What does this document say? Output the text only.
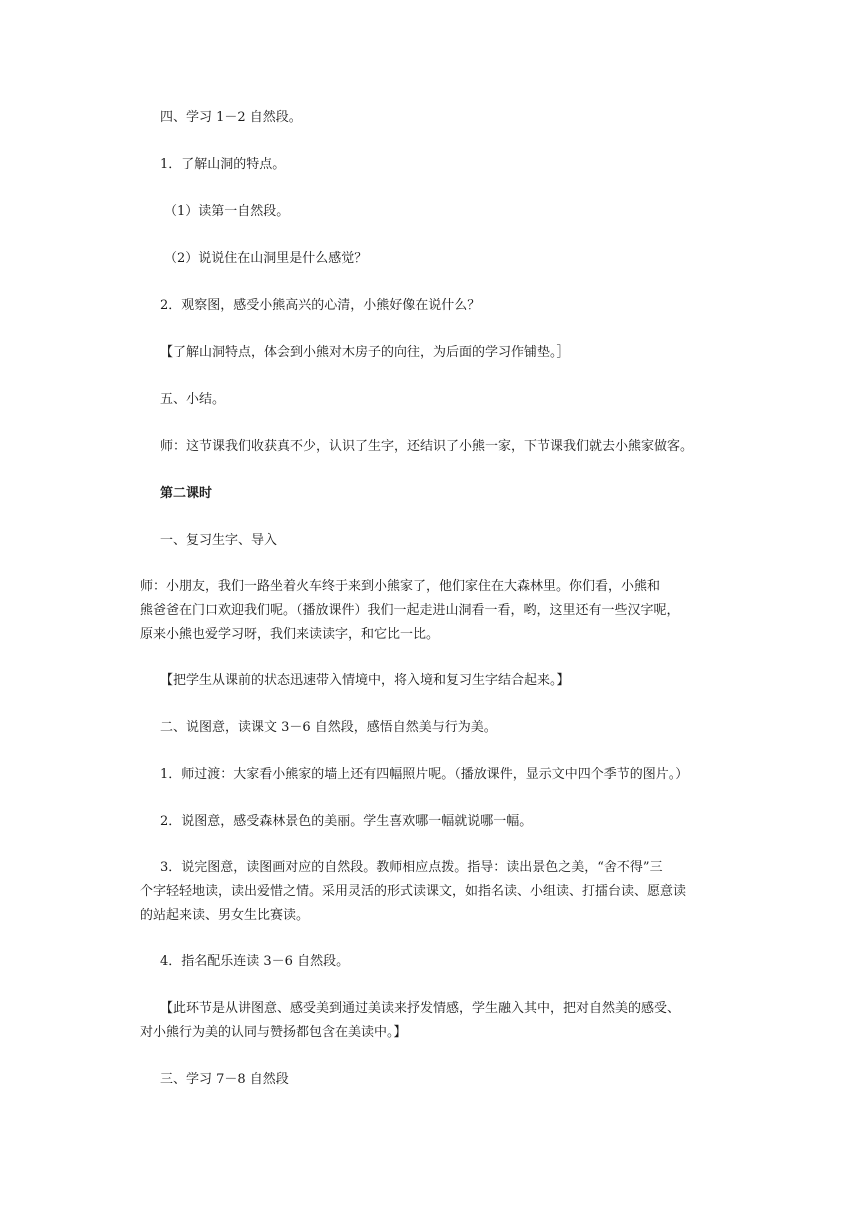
四、学习 1－2 自然段。
1．了解山洞的特点。
（1）读第一自然段。
（2）说说住在山洞里是什么感觉？
2．观察图，感受小熊高兴的心清，小熊好像在说什么？
【了解山洞特点，体会到小熊对木房子的向往，为后面的学习作铺垫。］
五、小结。
师：这节课我们收获真不少，认识了生字，还结识了小熊一家，下节课我们就去小熊家做客。
第二课时
一、复习生字、导入
师：小朋友，我们一路坐着火车终于来到小熊家了，他们家住在大森林里。你们看，小熊和
熊爸爸在门口欢迎我们呢。（播放课件）我们一起走进山洞看一看，哟，这里还有一些汉字呢，
原来小熊也爱学习呀，我们来读读字，和它比一比。
【把学生从课前的状态迅速带入情境中，将入境和复习生字结合起来。】
二、说图意，读课文 3－6 自然段，感悟自然美与行为美。
1．师过渡：大家看小熊家的墙上还有四幅照片呢。（播放课件，显示文中四个季节的图片。）
2．说图意，感受森林景色的美丽。学生喜欢哪一幅就说哪一幅。
3．说完图意，读图画对应的自然段。教师相应点拨。指导：读出景色之美，“舍不得”三
个字轻轻地读，读出爱惜之情。采用灵活的形式读课文，如指名读、小组读、打擂台读、愿意读
的站起来读、男女生比赛读。
4．指名配乐连读 3－6 自然段。
【此环节是从讲图意、感受美到通过美读来抒发情感，学生融入其中，把对自然美的感受、
对小熊行为美的认同与赞扬都包含在美读中。】
三、学习 7－8 自然段
